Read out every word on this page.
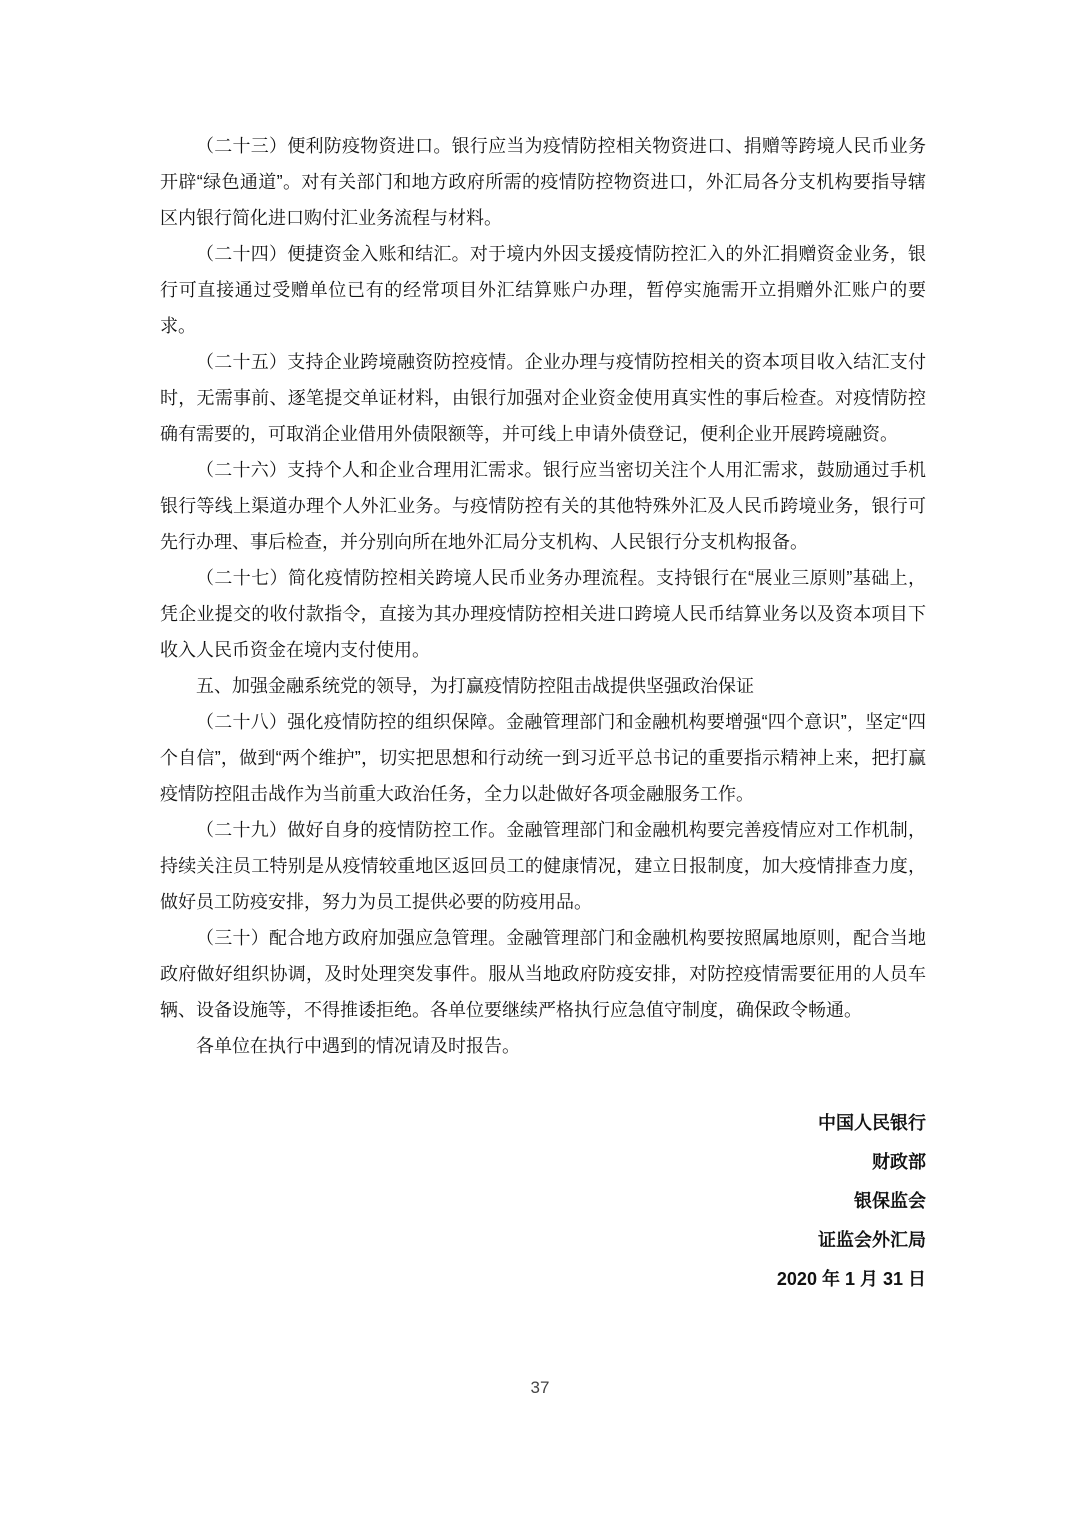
（二十三）便利防疫物资进口。银行应当为疫情防控相关物资进口、捐赠等跨境人民币业务开辟“绿色通道”。对有关部门和地方政府所需的疫情防控物资进口，外汇局各分支机构要指导辖区内银行简化进口购付汇业务流程与材料。

（二十四）便捷资金入账和结汇。对于境内外因支援疫情防控汇入的外汇捐赠资金业务，银行可直接通过受赠单位已有的经常项目外汇结算账户办理，暂停实施需开立捐赠外汇账户的要求。

（二十五）支持企业跨境融资防控疫情。企业办理与疫情防控相关的资本项目收入结汇支付时，无需事前、逐笔提交单证材料，由银行加强对企业资金使用真实性的事后检查。对疫情防控确有需要的，可取消企业借用外债限额等，并可线上申请外债登记，便利企业开展跨境融资。

（二十六）支持个人和企业合理用汇需求。银行应当密切关注个人用汇需求，鼓励通过手机银行等线上渠道办理个人外汇业务。与疫情防控有关的其他特殊外汇及人民币跨境业务，银行可先行办理、事后检查，并分别向所在地外汇局分支机构、人民银行分支机构报备。

（二十七）简化疫情防控相关跨境人民币业务办理流程。支持银行在“展业三原则”基础上，凭企业提交的收付款指令，直接为其办理疫情防控相关进口跨境人民币结算业务以及资本项目下收入人民币资金在境内支付使用。

五、加强金融系统党的领导，为打赢疫情防控阻击战提供坚强政治保证

（二十八）强化疫情防控的组织保障。金融管理部门和金融机构要增强“四个意识”，坚定“四个自信”，做到“两个维护”，切实把思想和行动统一到习近平总书记的重要指示精神上来，把打赢疫情防控阻击战作为当前重大政治任务，全力以赴做好各项金融服务工作。

（二十九）做好自身的疫情防控工作。金融管理部门和金融机构要完善疫情应对工作机制，持续关注员工特别是从疫情较重地区返回员工的健康情况，建立日报制度，加大疫情排查力度，做好员工防疫安排，努力为员工提供必要的防疫用品。

（三十）配合地方政府加强应急管理。金融管理部门和金融机构要按照属地原则，配合当地政府做好组织协调，及时处理突发事件。服从当地政府防疫安排，对防控疫情需要征用的人员车辆、设备设施等，不得推诿拒绝。各单位要继续严格执行应急值守制度，确保政令畅通。

各单位在执行中遇到的情况请及时报告。

中国人民银行

财政部

银保监会

证监会外汇局

2020 年 1 月 31 日

37
